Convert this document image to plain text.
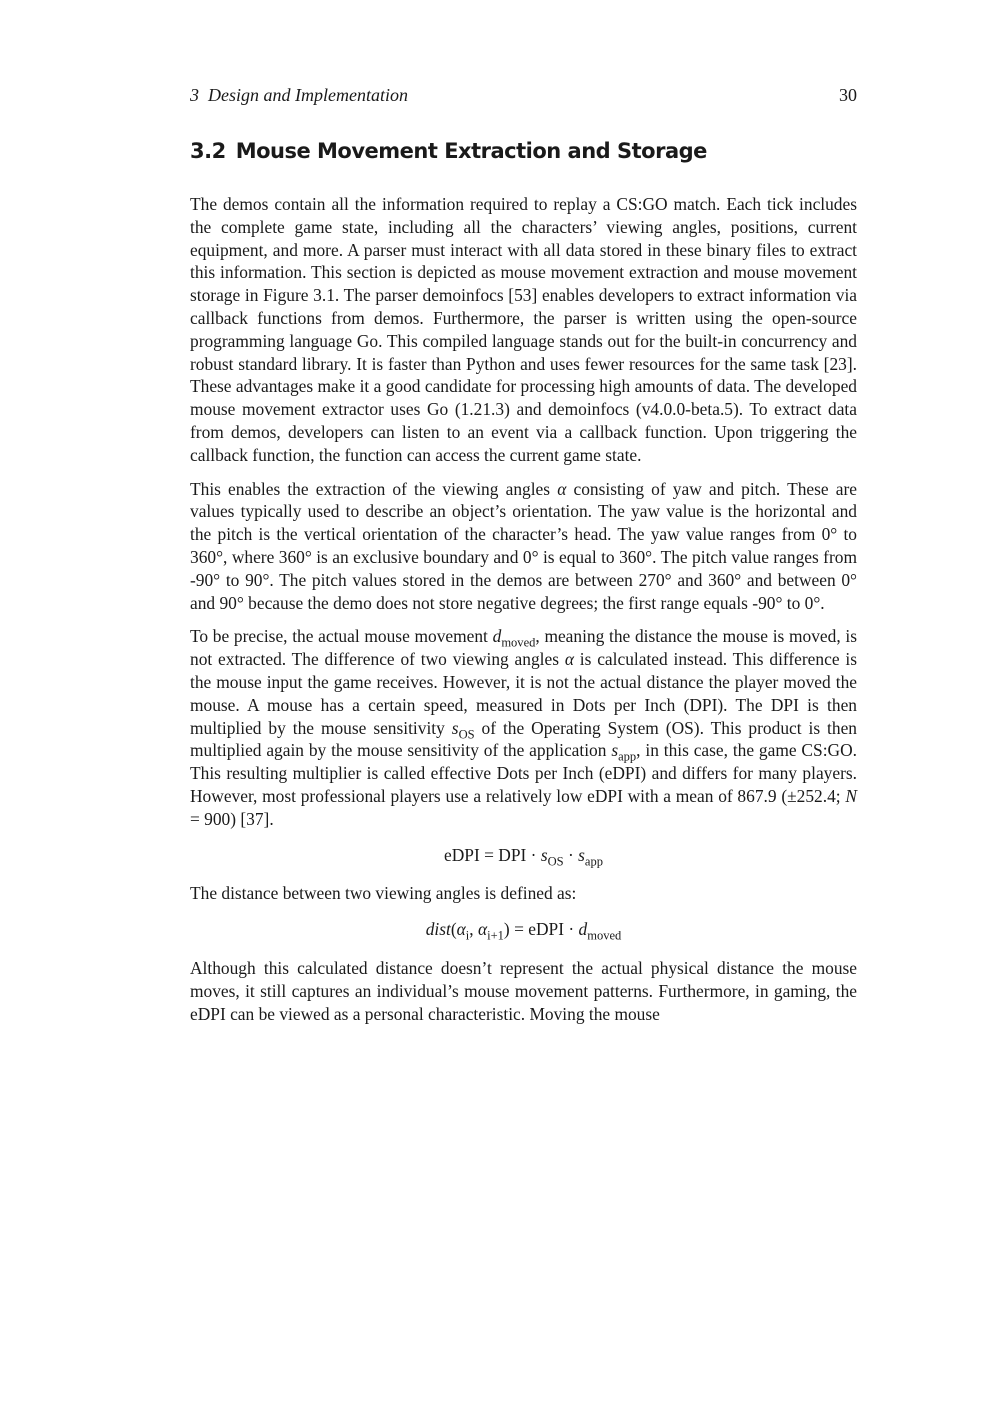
3 Design and Implementation	30
3.2 Mouse Movement Extraction and Storage

The demos contain all the information required to replay a CS:GO match. Each tick includes the complete game state, including all the characters’ viewing angles, positions, current equipment, and more. A parser must interact with all data stored in these binary files to extract this information. This section is depicted as mouse movement extraction and mouse movement storage in Figure 3.1. The parser demoinfocs [53] enables developers to extract information via callback functions from demos. Furthermore, the parser is written using the open-source programming language Go. This compiled language stands out for the built-in concurrency and robust standard library. It is faster than Python and uses fewer resources for the same task [23]. These advantages make it a good candidate for processing high amounts of data. The developed mouse movement extractor uses Go (1.21.3) and demoinfocs (v4.0.0-beta.5). To extract data from demos, developers can listen to an event via a callback function. Upon triggering the callback function, the function can access the current game state.

This enables the extraction of the viewing angles α consisting of yaw and pitch. These are values typically used to describe an object’s orientation. The yaw value is the horizontal and the pitch is the vertical orientation of the character’s head. The yaw value ranges from 0° to 360°, where 360° is an exclusive boundary and 0° is equal to 360°. The pitch value ranges from -90° to 90°. The pitch values stored in the demos are between 270° and 360° and between 0° and 90° because the demo does not store negative degrees; the first range equals -90° to 0°.

To be precise, the actual mouse movement $d_{moved}$, meaning the distance the mouse is moved, is not extracted. The difference of two viewing angles α is calculated instead. This difference is the mouse input the game receives. However, it is not the actual distance the player moved the mouse. A mouse has a certain speed, measured in Dots per Inch (DPI). The DPI is then multiplied by the mouse sensitivity $s_{OS}$ of the Operating System (OS). This product is then multiplied again by the mouse sensitivity of the application $s_{app}$, in this case, the game CS:GO. This resulting multiplier is called effective Dots per Inch (eDPI) and differs for many players. However, most professional players use a relatively low eDPI with a mean of 867.9 (±252.4; N = 900) [37].

eDPI = DPI · $s_{OS} \cdot s_{app}$

The distance between two viewing angles is defined as:

$dist(\alpha_i$, $\alpha_{i+1}$) = eDPI · $d_{moved}$

Although this calculated distance doesn’t represent the actual physical distance the mouse moves, it still captures an individual’s mouse movement patterns. Furthermore, in gaming, the eDPI can be viewed as a personal characteristic. Moving the mouse
